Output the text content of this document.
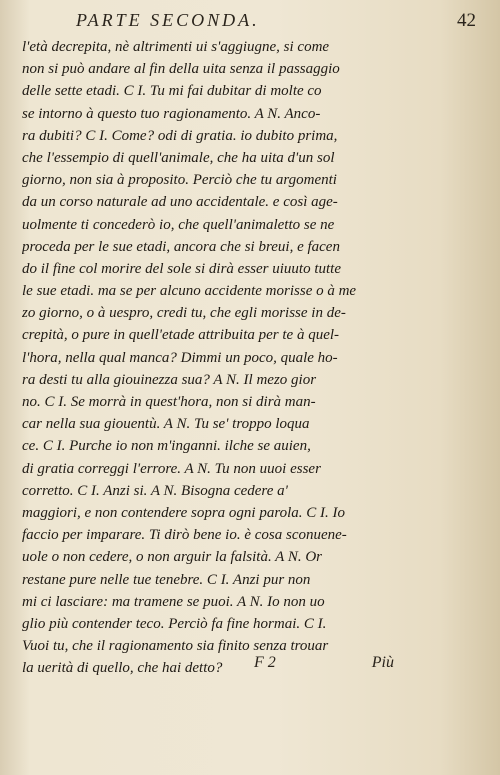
PARTE SECONDA.	42
l'età decrepita, nè altrimenti ui s'aggiugne, si come
non si può andare al fin della uita senza il passaggio
delle sette etadi. C I. Tu mi fai dubitar di molte co
se intorno à questo tuo ragionamento. A N. Anco-
ra dubiti? C I. Come? odi di gratia. io dubito prima,
che l'essempio di quell'animale, che ha uita d'un sol
giorno, non sia à proposito. Perciò che tu argomenti
da un corso naturale ad uno accidentale. e così age-
uolmente ti concederò io, che quell'animaletto se ne
proceda per le sue etadi, ancora che si breui, e facen
do il fine col morire del sole si dirà esser uiuuto tutte
le sue etadi. ma se per alcuno accidente morisse o à me
zo giorno, o à uespro, credi tu, che egli morisse in de-
crepità, o pure in quell'etade attribuita per te à quel-
l'hora, nella qual manca? Dimmi un poco, quale ho-
ra desti tu alla giouinezza sua? A N. Il mezo gior
no. C I. Se morrà in quest'hora, non si dirà man-
car nella sua giouentù. A N. Tu se' troppo loqua
ce. C I. Purche io non m'inganni. ilche se auien,
di gratia correggi l'errore. A N. Tu non uuoi esser
corretto. C I. Anzi si. A N. Bisogna cedere a'
maggiori, e non contendere sopra ogni parola. C I. Io
faccio per imparare. Ti dirò bene io. è cosa sconuene-
uole o non cedere, o non arguir la falsità. A N. Or
restane pure nelle tue tenebre. C I. Anzi pur non
mi ci lasciare: ma tramene se puoi. A N. Io non uo
glio più contender teco. Perciò fa fine hormai. C I.
Vuoi tu, che il ragionamento sia finito senza trouar
la uerità di quello, che hai detto?	F 2	Più
